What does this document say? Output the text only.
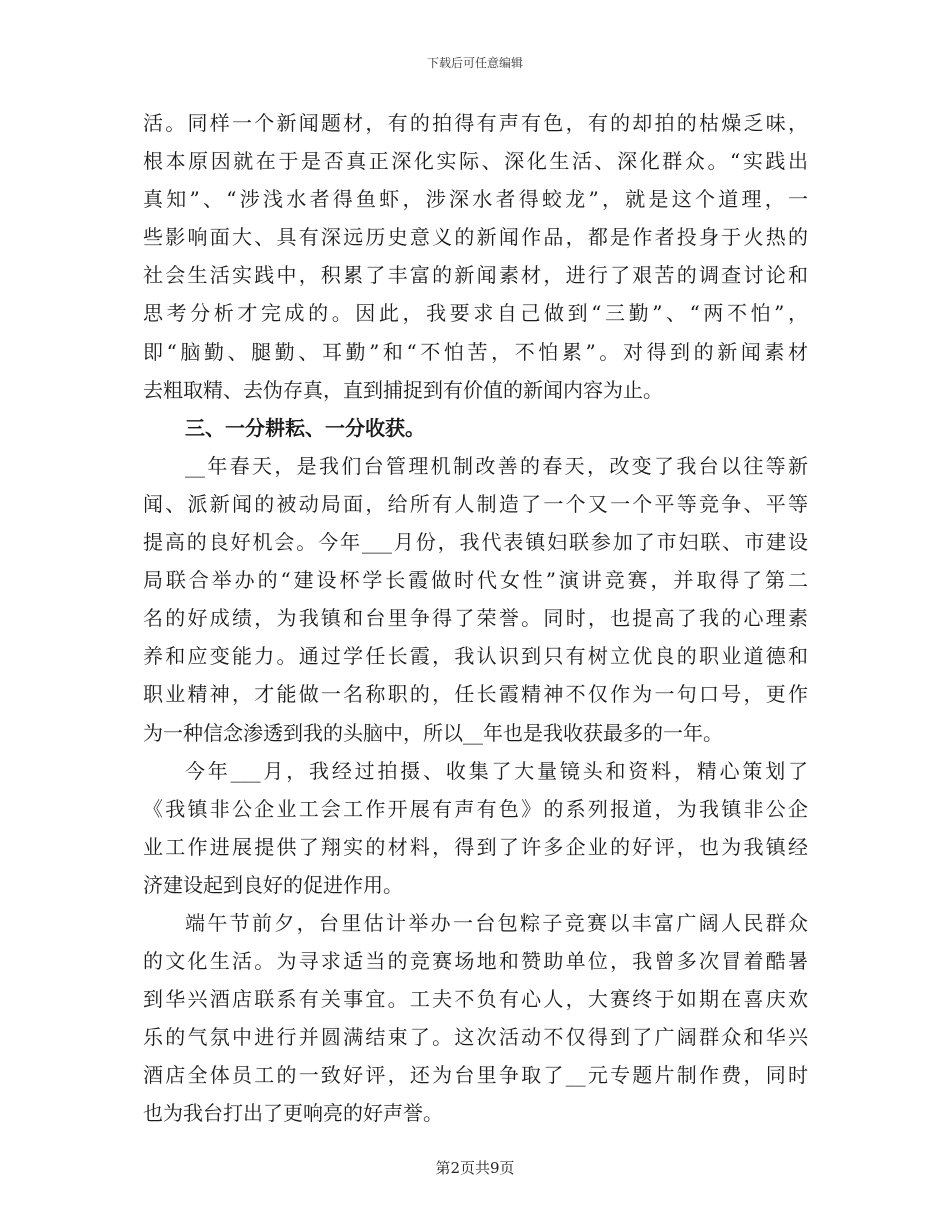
下载后可任意编辑
活。同样一个新闻题材，有的拍得有声有色，有的却拍的枯燥乏味，
根本原因就在于是否真正深化实际、深化生活、深化群众。“实践出
真知”、“涉浅水者得鱼虾，涉深水者得蛟龙”，就是这个道理，一
些影响面大、具有深远历史意义的新闻作品，都是作者投身于火热的
社会生活实践中，积累了丰富的新闻素材，进行了艰苦的调查讨论和
思考分析才完成的。因此，我要求自己做到“三勤”、“两不怕”，
即“脑勤、腿勤、耳勤”和“不怕苦，不怕累”。对得到的新闻素材
去粗取精、去伪存真，直到捕捉到有价值的新闻内容为止。
三、一分耕耘、一分收获。
__年春天，是我们台管理机制改善的春天，改变了我台以往等新
闻、派新闻的被动局面，给所有人制造了一个又一个平等竞争、平等
提高的良好机会。今年___月份，我代表镇妇联参加了市妇联、市建设
局联合举办的“建设杯学长霞做时代女性”演讲竞赛，并取得了第二
名的好成绩，为我镇和台里争得了荣誉。同时，也提高了我的心理素
养和应变能力。通过学任长霞，我认识到只有树立优良的职业道德和
职业精神，才能做一名称职的，任长霞精神不仅作为一句口号，更作
为一种信念渗透到我的头脑中，所以__年也是我收获最多的一年。
今年___月，我经过拍摄、收集了大量镜头和资料，精心策划了
《我镇非公企业工会工作开展有声有色》的系列报道，为我镇非公企
业工作进展提供了翔实的材料，得到了许多企业的好评，也为我镇经
济建设起到良好的促进作用。
端午节前夕，台里估计举办一台包粽子竞赛以丰富广阔人民群众
的文化生活。为寻求适当的竞赛场地和赞助单位，我曾多次冒着酷暑
到华兴酒店联系有关事宜。工夫不负有心人，大赛终于如期在喜庆欢
乐的气氛中进行并圆满结束了。这次活动不仅得到了广阔群众和华兴
酒店全体员工的一致好评，还为台里争取了__元专题片制作费，同时
也为我台打出了更响亮的好声誉。
第2页共9页
